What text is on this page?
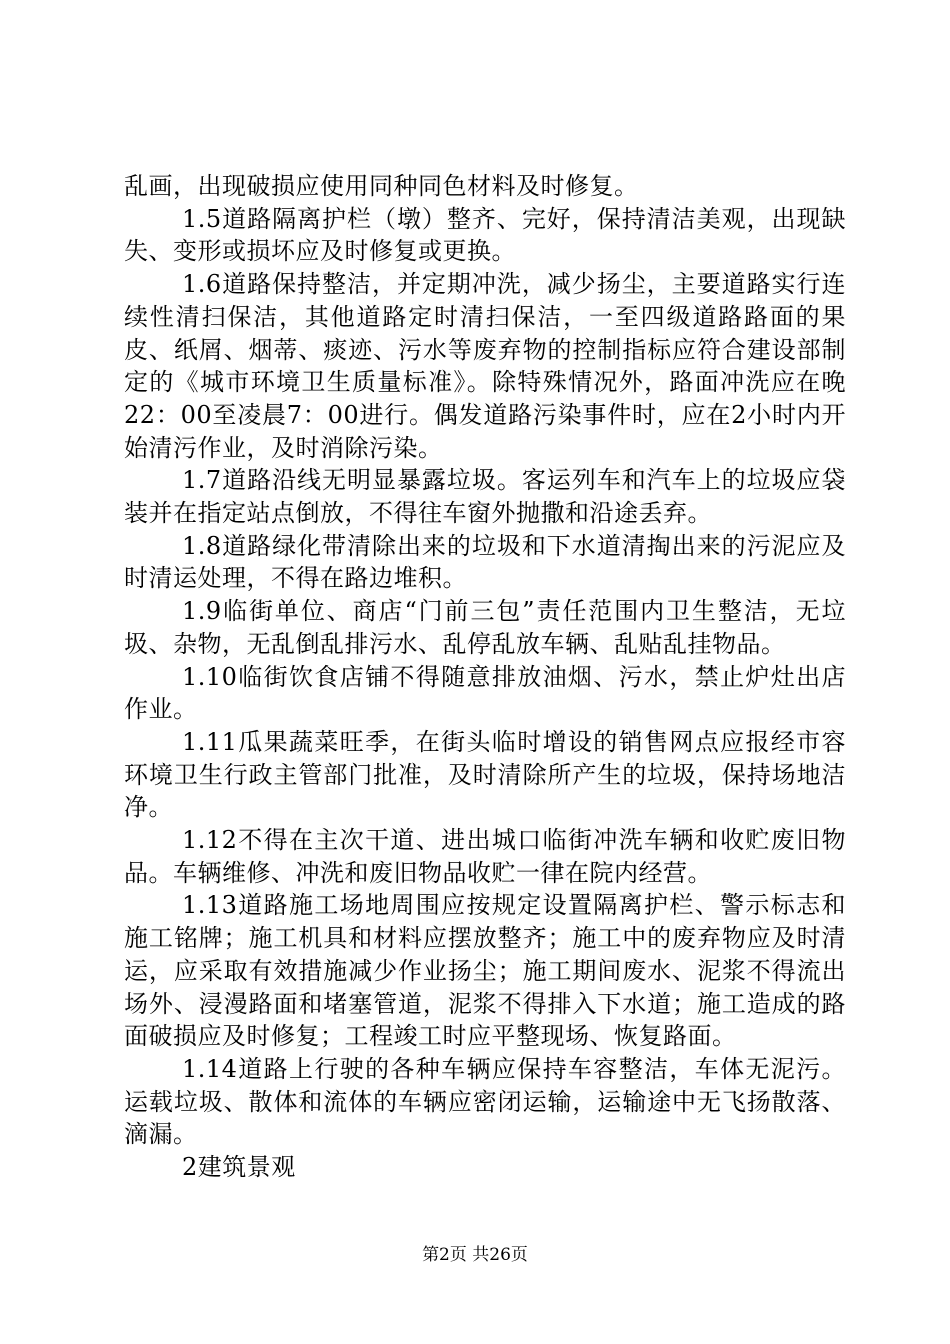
乱画，出现破损应使用同种同色材料及时修复。

1.5道路隔离护栏（墩）整齐、完好，保持清洁美观，出现缺失、变形或损坏应及时修复或更换。

1.6道路保持整洁，并定期冲洗，减少扬尘，主要道路实行连续性清扫保洁，其他道路定时清扫保洁，一至四级道路路面的果皮、纸屑、烟蒂、痰迹、污水等废弃物的控制指标应符合建设部制定的《城市环境卫生质量标准》。除特殊情况外，路面冲洗应在晚22：00至凌晨7：00进行。偶发道路污染事件时，应在2小时内开始清污作业，及时消除污染。

1.7道路沿线无明显暴露垃圾。客运列车和汽车上的垃圾应袋装并在指定站点倒放，不得往车窗外抛撒和沿途丢弃。

1.8道路绿化带清除出来的垃圾和下水道清掏出来的污泥应及时清运处理，不得在路边堆积。

1.9临街单位、商店“门前三包”责任范围内卫生整洁，无垃圾、杂物，无乱倒乱排污水、乱停乱放车辆、乱贴乱挂物品。

1.10临街饮食店铺不得随意排放油烟、污水，禁止炉灶出店作业。

1.11瓜果蔬菜旺季，在街头临时增设的销售网点应报经市容环境卫生行政主管部门批准，及时清除所产生的垃圾，保持场地洁净。

1.12不得在主次干道、进出城口临街冲洗车辆和收贮废旧物品。车辆维修、冲洗和废旧物品收贮一律在院内经营。

1.13道路施工场地周围应按规定设置隔离护栏、警示标志和施工铭牌；施工机具和材料应摆放整齐；施工中的废弃物应及时清运，应采取有效措施减少作业扬尘；施工期间废水、泥浆不得流出场外、浸漫路面和堵塞管道，泥浆不得排入下水道；施工造成的路面破损应及时修复；工程竣工时应平整现场、恢复路面。

1.14道路上行驶的各种车辆应保持车容整洁，车体无泥污。运载垃圾、散体和流体的车辆应密闭运输，运输途中无飞扬散落、滴漏。

2建筑景观

第2页 共26页
